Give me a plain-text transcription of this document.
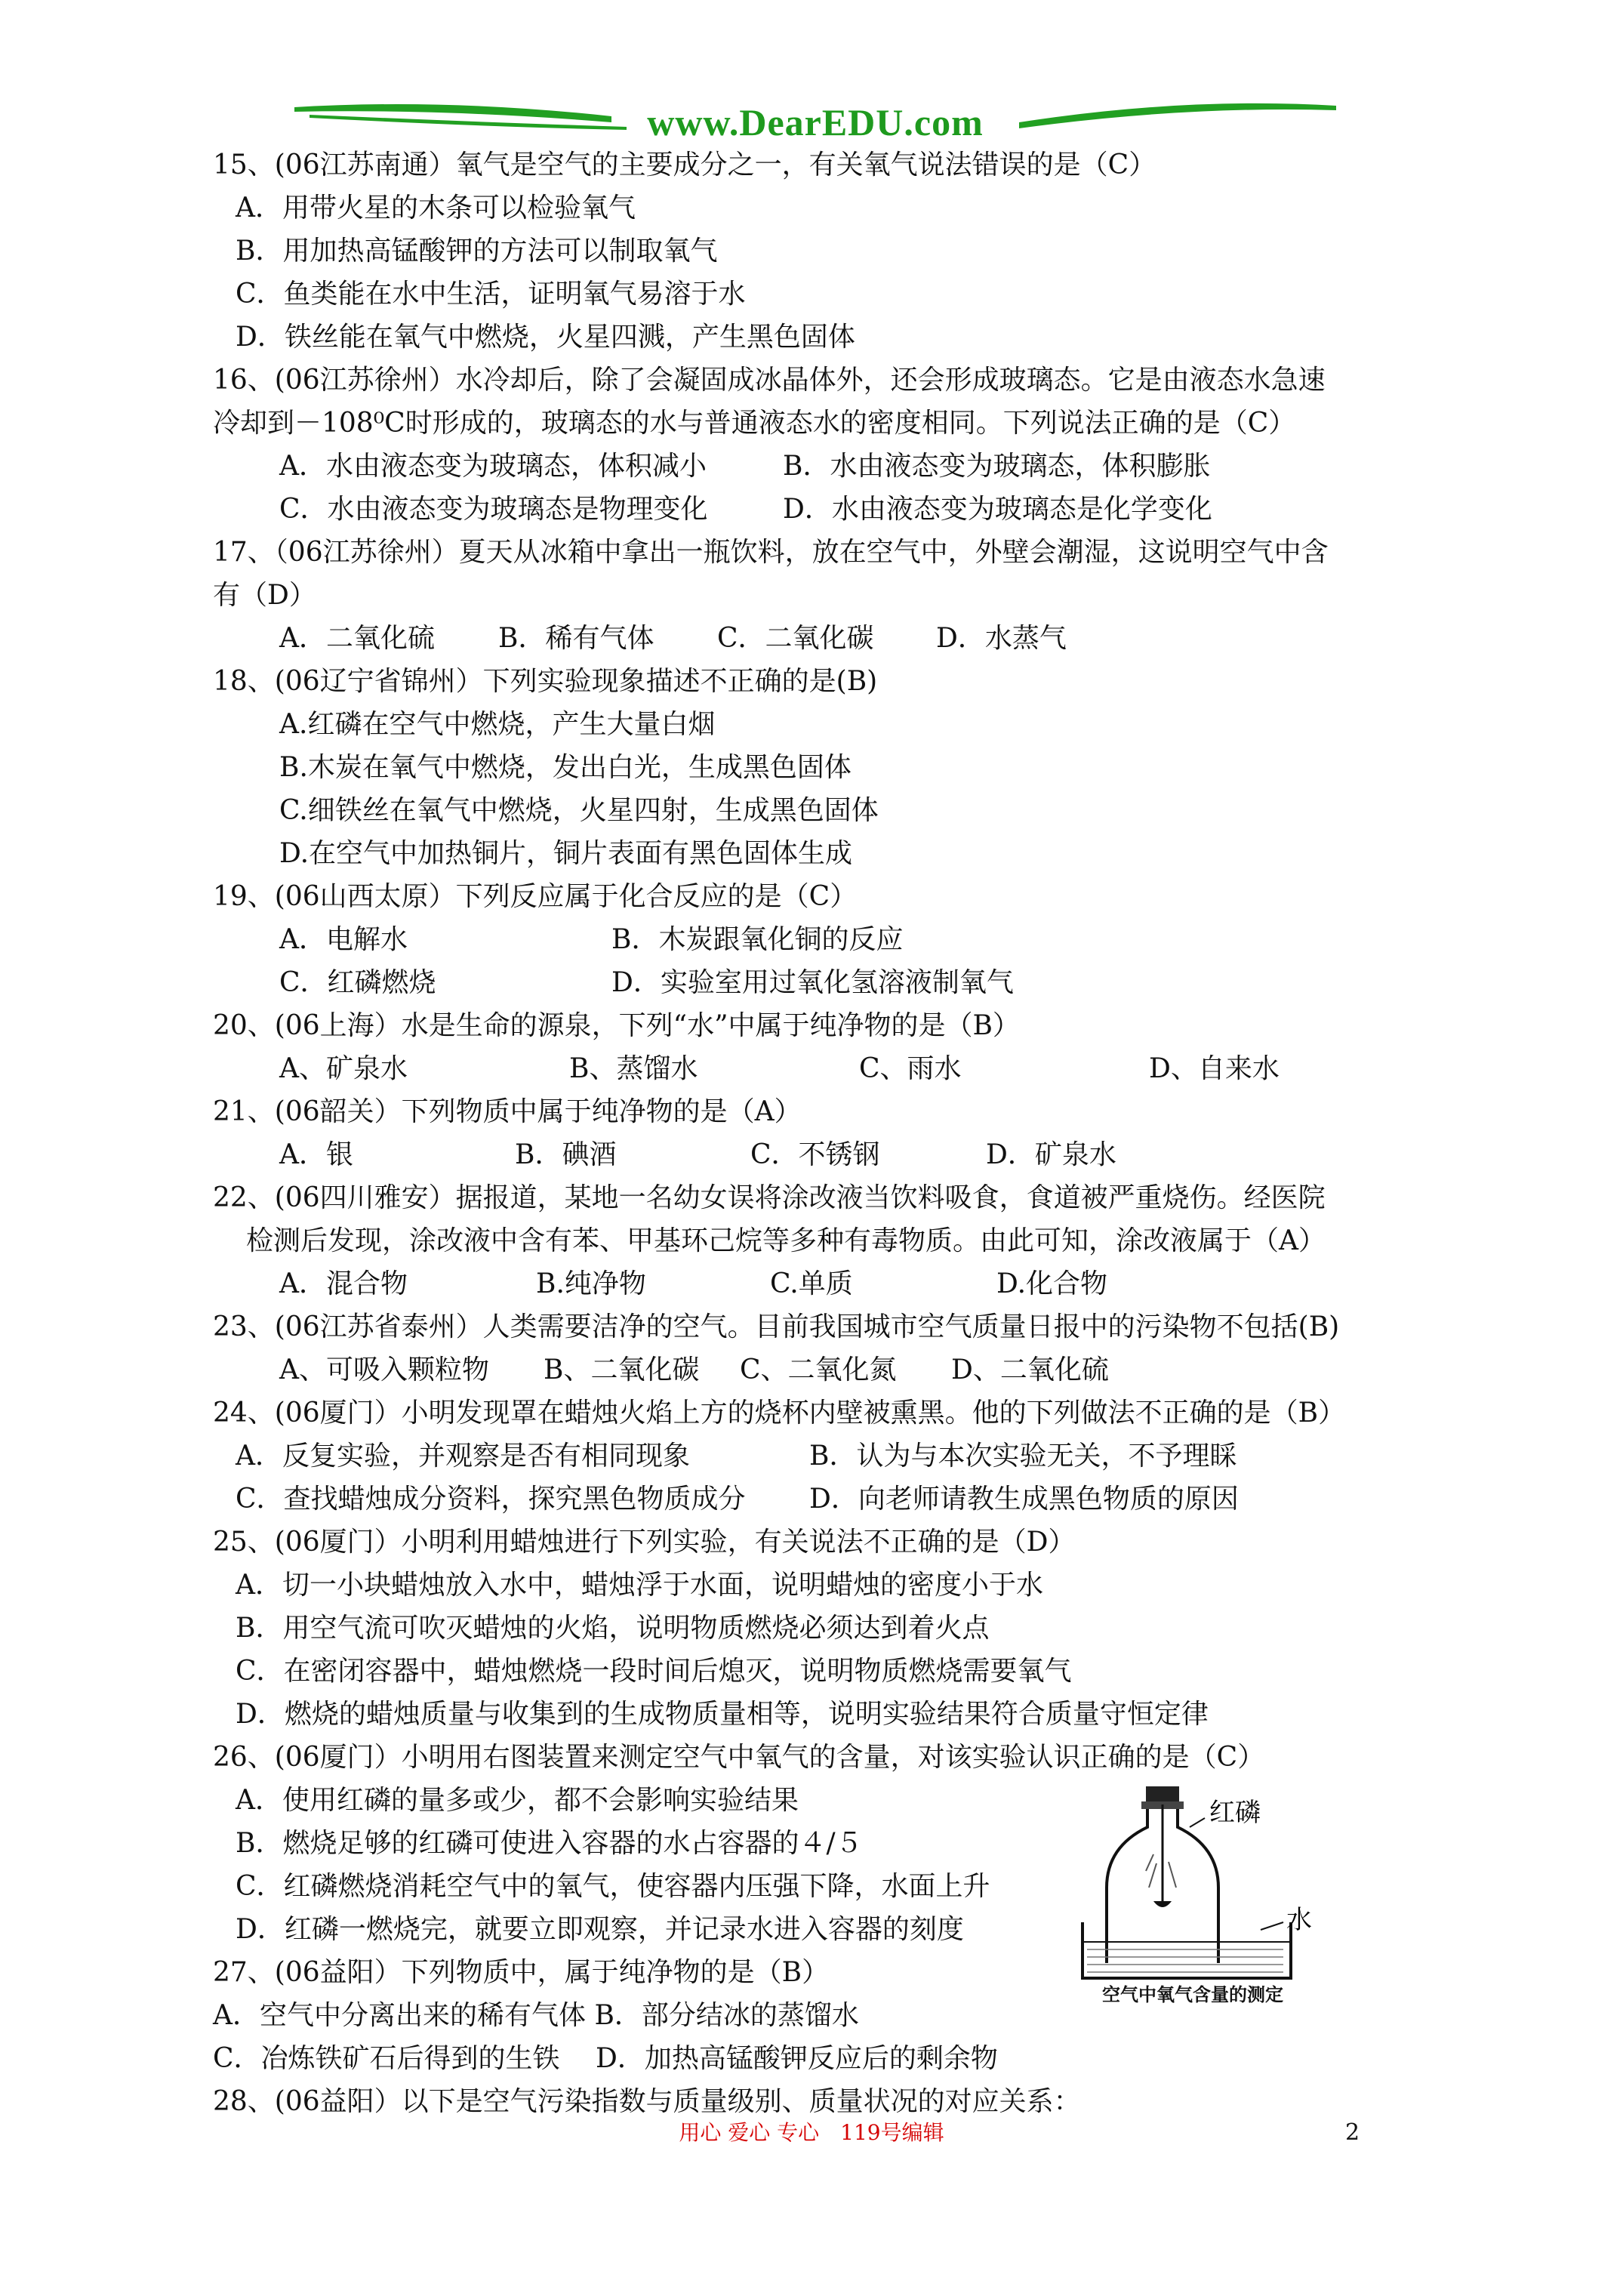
www.DearEDU.com
15、(06江苏南通）氧气是空气的主要成分之一，有关氧气说法错误的是（C）
A．用带火星的木条可以检验氧气
B．用加热高锰酸钾的方法可以制取氧气
C．鱼类能在水中生活，证明氧气易溶于水
D．铁丝能在氧气中燃烧，火星四溅，产生黑色固体
16、(06江苏徐州）水冷却后，除了会凝固成冰晶体外，还会形成玻璃态。它是由液态水急速
冷却到－108⁰C时形成的，玻璃态的水与普通液态水的密度相同。下列说法正确的是（C）
A．水由液态变为玻璃态，体积减小	B．水由液态变为玻璃态，体积膨胀
C．水由液态变为玻璃态是物理变化	D．水由液态变为玻璃态是化学变化
17、（06江苏徐州）夏天从冰箱中拿出一瓶饮料，放在空气中，外壁会潮湿，这说明空气中含
有（D）
A．二氧化硫 B．稀有气体 C．二氧化碳 D．水蒸气
18、(06辽宁省锦州）下列实验现象描述不正确的是(B)
A.红磷在空气中燃烧，产生大量白烟
B.木炭在氧气中燃烧，发出白光，生成黑色固体
C.细铁丝在氧气中燃烧，火星四射，生成黑色固体
D.在空气中加热铜片，铜片表面有黑色固体生成
19、(06山西太原）下列反应属于化合反应的是（C）
A．电解水	B．木炭跟氧化铜的反应
C．红磷燃烧	D．实验室用过氧化氢溶液制氧气
20、(06上海）水是生命的源泉，下列“水”中属于纯净物的是（B）
A、矿泉水	B、蒸馏水	C、雨水	D、自来水
21、(06韶关）下列物质中属于纯净物的是（A）
A．银	B．碘酒	C．不锈钢	D．矿泉水
22、(06四川雅安）据报道，某地一名幼女误将涂改液当饮料吸食，食道被严重烧伤。经医院
检测后发现，涂改液中含有苯、甲基环己烷等多种有毒物质。由此可知，涂改液属于（A）
A．混合物	B.纯净物	C.单质	D.化合物
23、(06江苏省泰州）人类需要洁净的空气。目前我国城市空气质量日报中的污染物不包括(B)
A、可吸入颗粒物 B、二氧化碳 C、二氧化氮 D、二氧化硫
24、(06厦门）小明发现罩在蜡烛火焰上方的烧杯内壁被熏黑。他的下列做法不正确的是（B）
A．反复实验，并观察是否有相同现象	B．认为与本次实验无关，不予理睬
C．查找蜡烛成分资料，探究黑色物质成分 D．向老师请教生成黑色物质的原因
25、(06厦门）小明利用蜡烛进行下列实验，有关说法不正确的是（D）
A．切一小块蜡烛放入水中，蜡烛浮于水面，说明蜡烛的密度小于水
B．用空气流可吹灭蜡烛的火焰，说明物质燃烧必须达到着火点
C．在密闭容器中，蜡烛燃烧一段时间后熄灭，说明物质燃烧需要氧气
D．燃烧的蜡烛质量与收集到的生成物质量相等，说明实验结果符合质量守恒定律
26、(06厦门）小明用右图装置来测定空气中氧气的含量，对该实验认识正确的是（C）
A．使用红磷的量多或少，都不会影响实验结果
B．燃烧足够的红磷可使进入容器的水占容器的４/５
C．红磷燃烧消耗空气中的氧气，使容器内压强下降，水面上升
D．红磷一燃烧完，就要立即观察，并记录水进入容器的刻度
27、(06益阳）下列物质中，属于纯净物的是（B）
A．空气中分离出来的稀有气体 B．部分结冰的蒸馏水
C．冶炼铁矿石后得到的生铁　 D．加热高锰酸钾反应后的剩余物
28、(06益阳）以下是空气污染指数与质量级别、质量状况的对应关系：
红磷
水
空气中氧气含量的测定
用心 爱心 专心　119号编辑	2
